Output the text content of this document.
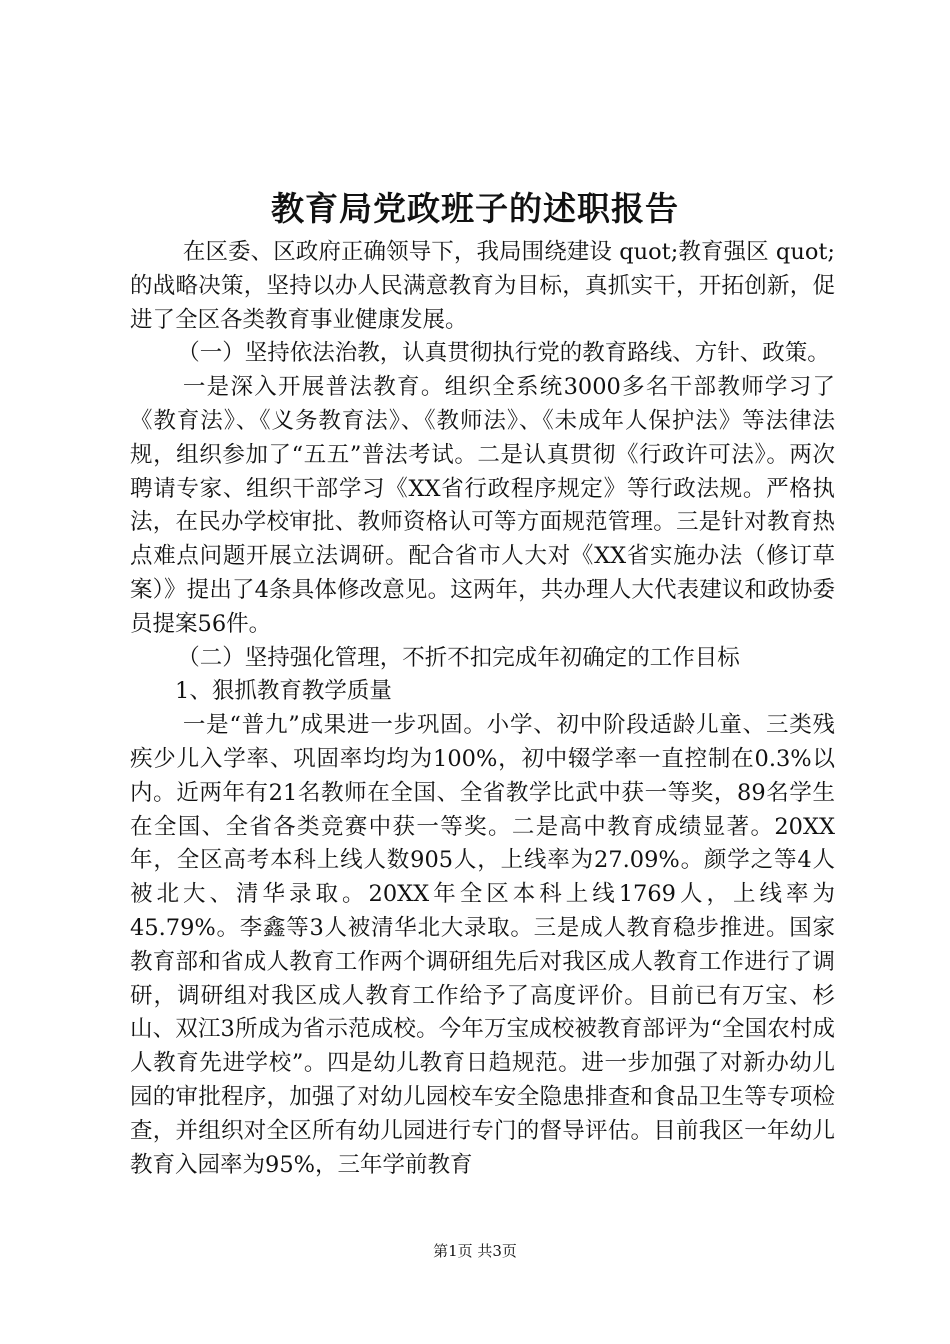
教育局党政班子的述职报告

在区委、区政府正确领导下，我局围绕建设 quot;教育强区 quot;的战略决策，坚持以办人民满意教育为目标，真抓实干，开拓创新，促进了全区各类教育事业健康发展。

（一）坚持依法治教，认真贯彻执行党的教育路线、方针、政策。

一是深入开展普法教育。组织全系统3000多名干部教师学习了《教育法》、《义务教育法》、《教师法》、《未成年人保护法》等法律法规，组织参加了“五五”普法考试。二是认真贯彻《行政许可法》。两次聘请专家、组织干部学习《XX省行政程序规定》等行政法规。严格执法，在民办学校审批、教师资格认可等方面规范管理。三是针对教育热点难点问题开展立法调研。配合省市人大对《XX省实施办法（修订草案）》提出了4条具体修改意见。这两年，共办理人大代表建议和政协委员提案56件。

（二）坚持强化管理，不折不扣完成年初确定的工作目标

1、狠抓教育教学质量

一是“普九”成果进一步巩固。小学、初中阶段适龄儿童、三类残疾少儿入学率、巩固率均均为100%，初中辍学率一直控制在0.3%以内。近两年有21名教师在全国、全省教学比武中获一等奖，89名学生在全国、全省各类竞赛中获一等奖。二是高中教育成绩显著。20XX年，全区高考本科上线人数905人，上线率为27.09%。颜学之等4人被北大、清华录取。20XX年全区本科上线1769人，上线率为45.79%。李鑫等3人被清华北大录取。三是成人教育稳步推进。国家教育部和省成人教育工作两个调研组先后对我区成人教育工作进行了调研，调研组对我区成人教育工作给予了高度评价。目前已有万宝、杉山、双江3所成为省示范成校。今年万宝成校被教育部评为“全国农村成人教育先进学校”。四是幼儿教育日趋规范。进一步加强了对新办幼儿园的审批程序，加强了对幼儿园校车安全隐患排查和食品卫生等专项检查，并组织对全区所有幼儿园进行专门的督导评估。目前我区一年幼儿教育入园率为95%，三年学前教育

第1页 共3页
